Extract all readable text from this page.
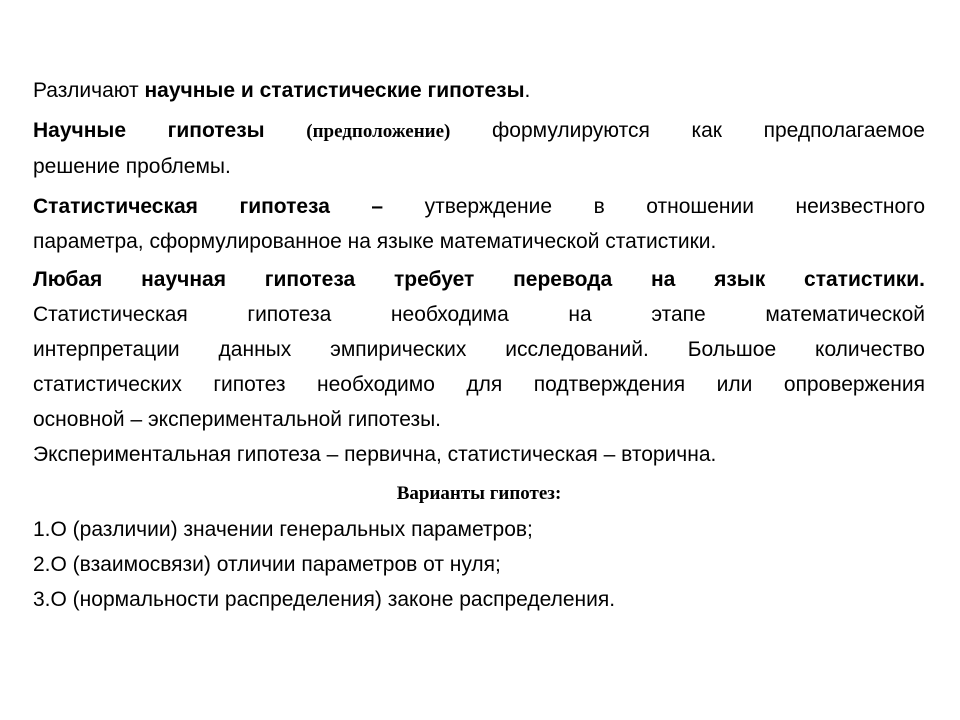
Различают научные и статистические гипотезы.

Научные гипотезы (предположение) формулируются как предполагаемое
решение проблемы.
Статистическая гипотеза – утверждение в отношении неизвестного
параметра, сформулированное на языке математической статистики.
Любая научная гипотеза требует перевода на язык статистики.
Статистическая гипотеза необходима на этапе математической
интерпретации данных эмпирических исследований. Большое количество
статистических гипотез необходимо для подтверждения или опровержения
основной – экспериментальной гипотезы.
Экспериментальная гипотеза – первична, статистическая – вторична.
Варианты гипотез:
1.О (различии) значении генеральных параметров;
2.О (взаимосвязи) отличии параметров от нуля;
3.О (нормальности распределения) законе распределения.
